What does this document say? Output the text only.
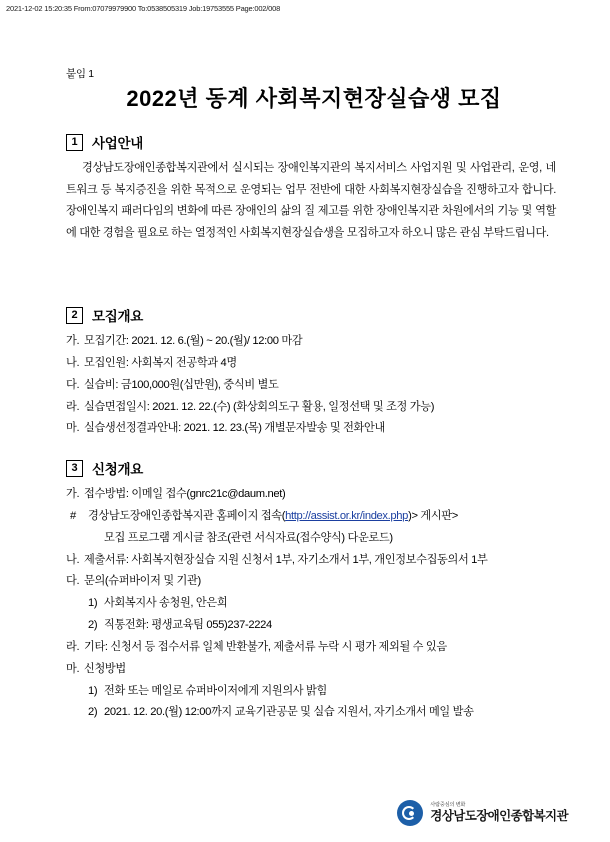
2021-12-02 15:20:35 From:07079979900 To:0538505319 Job:19753555 Page:002/008
붙임 1
2022년 동계 사회복지현장실습생 모집
1	사업안내

경상남도장애인종합복지관에서 실시되는 장애인복지관의 복지서비스 사업지원 및 사업관리, 운영, 네트워크 등 복지증진을 위한 목적으로 운영되는 업무 전반에 대한 사회복지현장실습을 진행하고자 합니다. 장애인복지 패러다임의 변화에 따른 장애인의 삶의 질 제고를 위한 장애인복지관 차원에서의 기능 및 역할에 대한 경험을 필요로 하는 열정적인 사회복지현장실습생을 모집하고자 하오니 많은 관심 부탁드립니다.

2	모집개요
가. 모집기간: 2021. 12. 6.(월) ~ 20.(월)/ 12:00 마감
나. 모집인원: 사회복지 전공학과 4명
다. 실습비: 금100,000원(십만원), 중식비 별도
라. 실습면접일시: 2021. 12. 22.(수) (화상회의도구 활용, 일정선택 및 조정 가능)
마. 실습생선정결과안내: 2021. 12. 23.(목) 개별문자발송 및 전화안내
3	신청개요
가. 접수방법: 이메일 접수(gnrc21c@daum.net)
# 경상남도장애인종합복지관 홈페이지 접속(http://assist.or.kr/index.php)> 게시판>
모집 프로그램 게시글 참조(관련 서식자료(접수양식) 다운로드)
나. 제출서류: 사회복지현장실습 지원 신청서 1부, 자기소개서 1부, 개인정보수집동의서 1부
다. 문의(슈퍼바이저 및 기관)
1) 사회복지사 송청원, 안은희
2) 직통전화: 평생교육팀 055)237-2224
라. 기타: 신청서 등 접수서류 일체 반환불가, 제출서류 누락 시 평가 제외될 수 있음
마. 신청방법
1) 전화 또는 메일로 슈퍼바이저에게 지원의사 밝힘
2) 2021. 12. 20.(월) 12:00까지 교육기관공문 및 실습 지원서, 자기소개서 메일 발송
사람중심의 변화
경상남도장애인종합복지관
